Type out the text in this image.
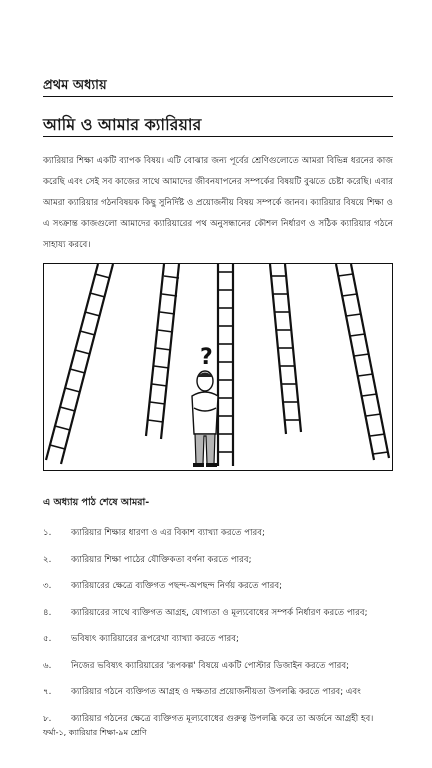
প্রথম অধ্যায়
আমি ও আমার ক্যারিয়ার

ক্যারিয়ার শিক্ষা একটি ব্যাপক বিষয়। এটি বোঝার জন্য পূর্বের শ্রেণিগুলোতে আমরা বিভিন্ন ধরনের কাজ করেছি এবং সেই সব কাজের সাথে আমাদের জীবনযাপনের সম্পর্কের বিষয়টি বুঝতে চেষ্টা করেছি। এবার আমরা ক্যারিয়ার গঠনবিষয়ক কিছু সুনির্দিষ্ট ও প্রয়োজনীয় বিষয় সম্পর্কে জানব। ক্যারিয়ার বিষয়ে শিক্ষা ও এ সংক্রান্ত কাজগুলো আমাদের ক্যারিয়ারের পথ অনুসন্ধানের কৌশল নির্ধারণ ও সঠিক ক্যারিয়ার গঠনে সাহায্য করবে।

?
এ অধ্যায় পাঠ শেষে আমরা-
১.	ক্যারিয়ার শিক্ষার ধারণা ও এর বিকাশ ব্যাখ্যা করতে পারব;
২.	ক্যারিয়ার শিক্ষা পাঠের যৌক্তিকতা বর্ণনা করতে পারব;
৩.	ক্যারিয়ারের ক্ষেত্রে ব্যক্তিগত পছন্দ-অপছন্দ নির্ণয় করতে পারব;
৪.	ক্যারিয়ারের সাথে ব্যক্তিগত আগ্রহ, যোগ্যতা ও মূল্যবোধের সম্পর্ক নির্ধারণ করতে পারব;
৫.	ভবিষ্যৎ ক্যারিয়ারের রূপরেখা ব্যাখ্যা করতে পারব;
৬.	নিজের ভবিষ্যৎ ক্যারিয়ারের 'রূপকল্প' বিষয়ে একটি পোস্টার ডিজাইন করতে পারব;
৭.	ক্যারিয়ার গঠনে ব্যক্তিগত আগ্রহ ও দক্ষতার প্রয়োজনীয়তা উপলব্ধি করতে পারব; এবং
৮.	ক্যারিয়ার গঠনের ক্ষেত্রে ব্যক্তিগত মূল্যবোধের গুরুত্ব উপলব্ধি করে তা অর্জনে আগ্রহী হব।
ফর্মা-১, ক্যারিয়ার শিক্ষা-৯ম শ্রেণি
